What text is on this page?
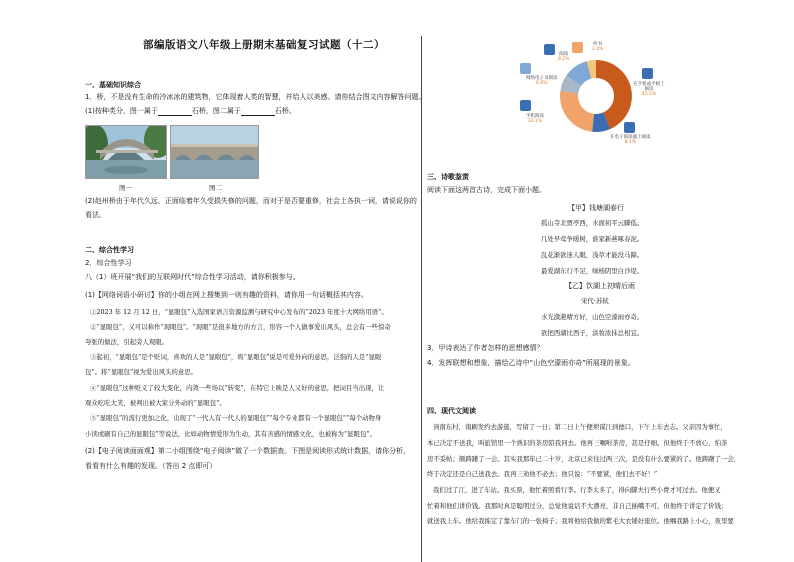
部编版语文八年级上册期末基础复习试题（十二）
一、基础知识综合
1．桥，不是没有生命的冷冰冰的建筑物，它体现着人类的智慧，并给人以美感。请你结合图文内容解答问题。
(1)按种类分，图一属于	石桥，图二属于	石桥。
图一	图二
(2)赵州桥由于年代久远，正面临着年久受损失修的问题，而对于是否要重修，社会上各执一词，请说说你的
看法。
二、综合性学习
2．综合性学习
八（1）班开展“我们的互联网时代”综合性学习活动，请你积极参与。
(1)【网络词语小研讨】你的小组在网上搜集到一则有趣的资料，请你用一句话概括其内容。
①2023 年 12 月 12 日，“显眼包”入选国家语言资源监测与研究中心发布的“2023 年度十大网络用语”。
②“显眼包”，又可以称作“现眼包”。“现眼”是很多地方的方言，形容一个人做事爱出风头，总会有一些惊奇
夸张的做法，引起旁人观眼。
③起初，“显眼包”是个贬词，喜欢的人是“显眼包”，将“显眼包”说是可爱外向的意思，泛指的人是“显眼
包”。将“显眼包”视为爱出风头的意思。
④“显眼包”这种贬义了较大变化，内敛一些场以“转变”，在特它上映是人又好的意思，把词目当出现，让
观众吃吃大笑，被判出被大家分外动的“显眼包”。
⑤“显眼包”的流行更加之化，出现了“一代人有一代人的显眼包”“每个专业都有一个显眼包”“每个动物身
小读或刷有自己的显眼包”等说法，比如动物情爱形为生动，其有善感的情感文化，也被称为“显眼包”。
(2)【电子阅读面面观】第二小组围绕“电子阅读”做了一个数据查。下图是阅读形式统计数据，请你分析，
看看有什么有趣的发现。（答出 2 点即可）
听书
2.4%
阅读
8.2%
网络电子书阅读
6.6%
手机阅读
33.1%
在电子阅读器上阅读
8.1%
在手机或平板上阅读
43.5%
三、诗歌鉴赏
阅读下面这两首古诗，完成下面小题。
【甲】钱塘湖春行
孤山寺北贾亭西，水面初平云脚低。
几处早莺争暖树，谁家新燕啄春泥。
乱花渐欲迷人眼，浅草才能没马蹄。
最爱湖东行不足，绿杨阴里白沙堤。
【乙】饮湖上初晴后雨
宋代·苏轼
水光潋滟晴方好，山色空濛雨亦奇。
欲把西湖比西子，淡妆浓抹总相宜。
3．甲诗表达了作者怎样的思想感情？
4．发挥联想和想象，描绘乙诗中“山色空濛雨亦奇”所展现的景象。
四、现代文阅读
剑南东村，南刷发约去游逛，写留了一日；第二日上午便须谋江到德口，下午上车去志。父亲因为事忙，
本已决定不送我，叫旅馆里一个熟识的茶房陪我同去。他再三嘱咐茶房，甚是仔细。但他终于不放心，怕茶
房不妥帖；颇踌躇了一会。其实我那年已二十岁，北京已来往过两三次，是没有什么要紧的了。他踌躇了一会，
终于决定还是自己送我去。我再三劝他不必去；他只说：“不要紧，他们去不好！”
我们过了江，进了车站。我买票，他忙着照看行李。行李太多了，得向脚夫行些小费才可过去。他便又
忙着和他们讲价钱。我那时真是聪明过分，总觉他说话不大漂亮，非自己插嘴不可，但他终于讲定了价钱；
就送我上车。他给我拣定了靠车门的一张椅子；我将他给我做的紫毛大衣铺好座位。他嘱我路上小心，夜里要
